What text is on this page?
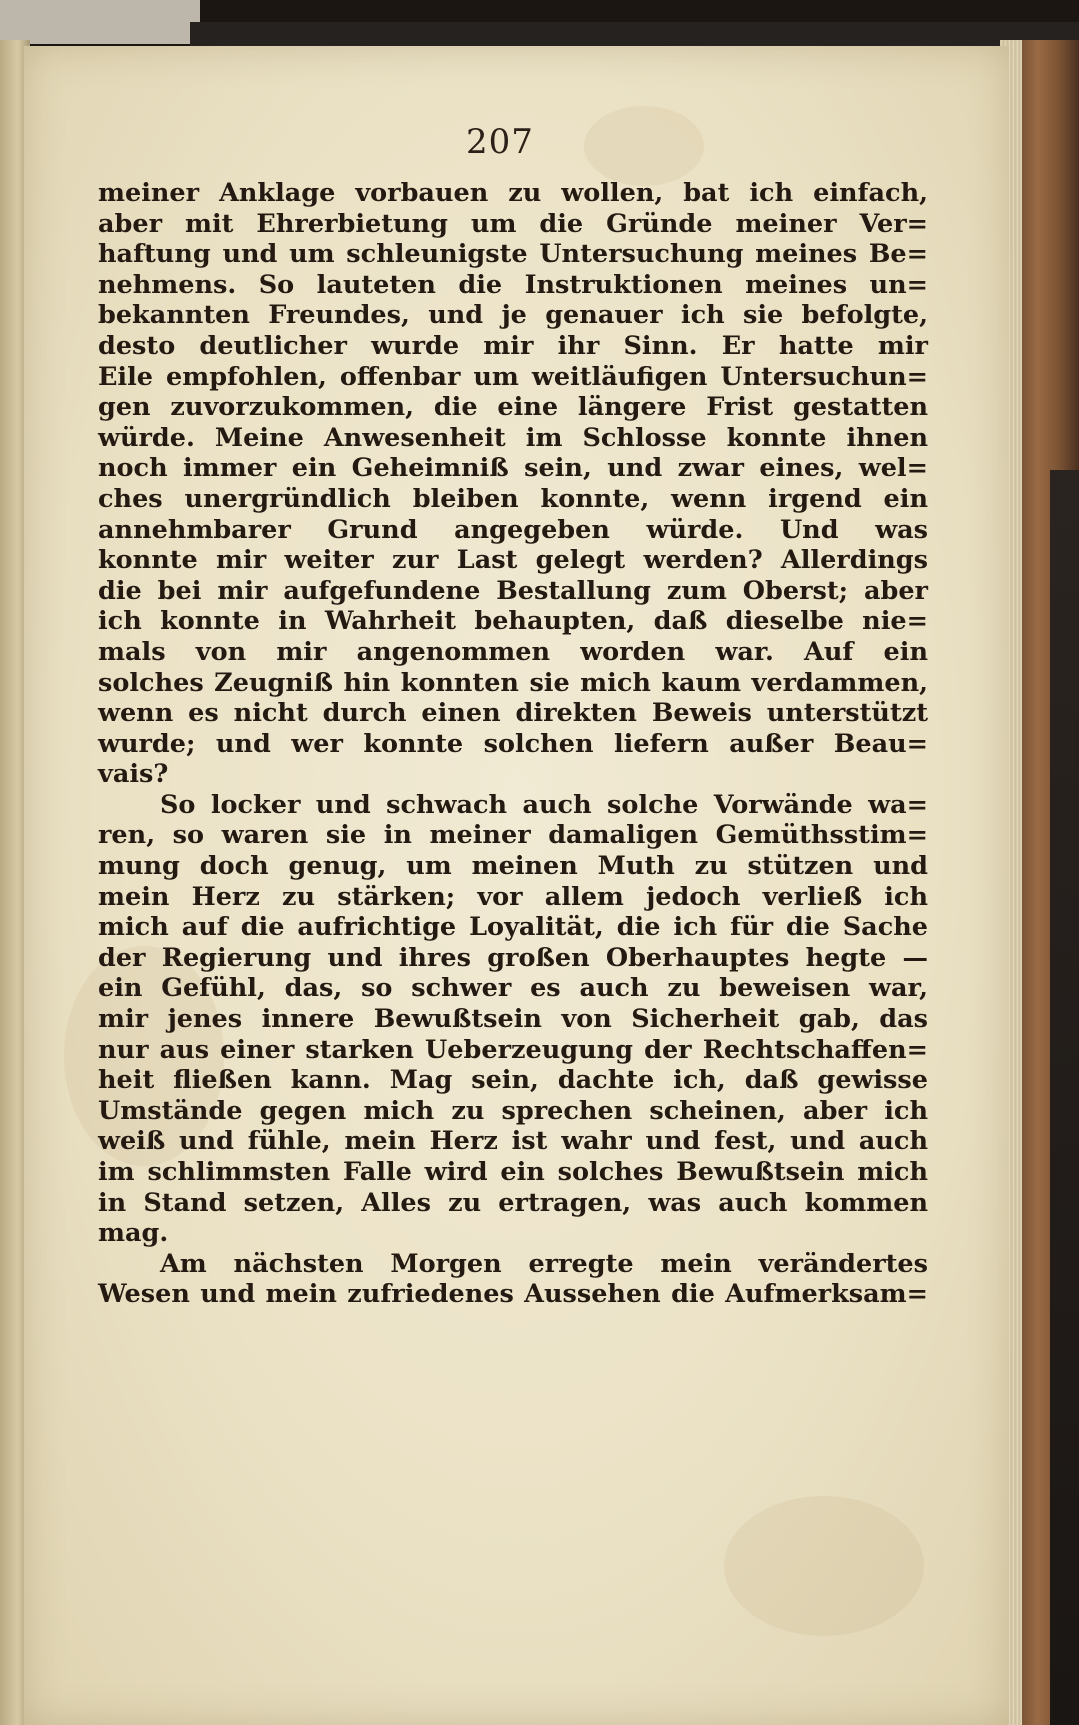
207
meiner Anklage vorbauen zu wollen, bat ich einfach,
aber mit Ehrerbietung um die Gründe meiner Ver=
haftung und um schleunigste Untersuchung meines Be=
nehmens. So lauteten die Instruktionen meines un=
bekannten Freundes, und je genauer ich sie befolgte,
desto deutlicher wurde mir ihr Sinn. Er hatte mir
Eile empfohlen, offenbar um weitläufigen Untersuchun=
gen zuvorzukommen, die eine längere Frist gestatten
würde. Meine Anwesenheit im Schlosse konnte ihnen
noch immer ein Geheimniß sein, und zwar eines, wel=
ches unergründlich bleiben konnte, wenn irgend ein
annehmbarer Grund angegeben würde. Und was
konnte mir weiter zur Last gelegt werden? Allerdings
die bei mir aufgefundene Bestallung zum Oberst; aber
ich konnte in Wahrheit behaupten, daß dieselbe nie=
mals von mir angenommen worden war. Auf ein
solches Zeugniß hin konnten sie mich kaum verdammen,
wenn es nicht durch einen direkten Beweis unterstützt
wurde; und wer konnte solchen liefern außer Beau=
vais?
So locker und schwach auch solche Vorwände wa=
ren, so waren sie in meiner damaligen Gemüthsstim=
mung doch genug, um meinen Muth zu stützen und
mein Herz zu stärken; vor allem jedoch verließ ich
mich auf die aufrichtige Loyalität, die ich für die Sache
der Regierung und ihres großen Oberhauptes hegte —
ein Gefühl, das, so schwer es auch zu beweisen war,
mir jenes innere Bewußtsein von Sicherheit gab, das
nur aus einer starken Ueberzeugung der Rechtschaffen=
heit fließen kann. Mag sein, dachte ich, daß gewisse
Umstände gegen mich zu sprechen scheinen, aber ich
weiß und fühle, mein Herz ist wahr und fest, und auch
im schlimmsten Falle wird ein solches Bewußtsein mich
in Stand setzen, Alles zu ertragen, was auch kommen
mag.
Am nächsten Morgen erregte mein verändertes
Wesen und mein zufriedenes Aussehen die Aufmerksam=
